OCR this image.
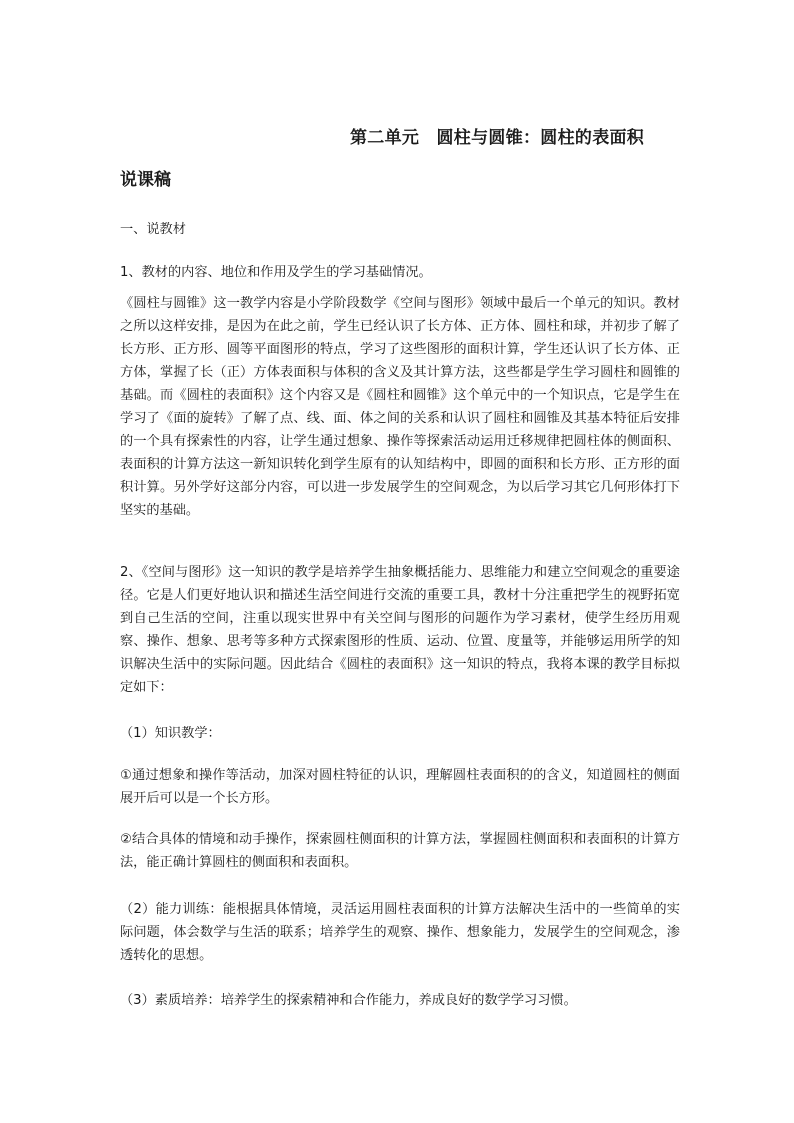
第二单元　圆柱与圆锥：圆柱的表面积
说课稿

一、说教材

1、教材的内容、地位和作用及学生的学习基础情况。

《圆柱与圆锥》这一教学内容是小学阶段数学《空间与图形》领域中最后一个单元的知识。教材之所以这样安排，是因为在此之前，学生已经认识了长方体、正方体、圆柱和球，并初步了解了长方形、正方形、圆等平面图形的特点，学习了这些图形的面积计算，学生还认识了长方体、正方体，掌握了长（正）方体表面积与体积的含义及其计算方法，这些都是学生学习圆柱和圆锥的基础。而《圆柱的表面积》这个内容又是《圆柱和圆锥》这个单元中的一个知识点，它是学生在学习了《面的旋转》了解了点、线、面、体之间的关系和认识了圆柱和圆锥及其基本特征后安排的一个具有探索性的内容，让学生通过想象、操作等探索活动运用迁移规律把圆柱体的侧面积、表面积的计算方法这一新知识转化到学生原有的认知结构中，即圆的面积和长方形、正方形的面积计算。另外学好这部分内容，可以进一步发展学生的空间观念，为以后学习其它几何形体打下坚实的基础。

2、《空间与图形》这一知识的教学是培养学生抽象概括能力、思维能力和建立空间观念的重要途径。它是人们更好地认识和描述生活空间进行交流的重要工具，教材十分注重把学生的视野拓宽到自己生活的空间，注重以现实世界中有关空间与图形的问题作为学习素材，使学生经历用观察、操作、想象、思考等多种方式探索图形的性质、运动、位置、度量等，并能够运用所学的知识解决生活中的实际问题。因此结合《圆柱的表面积》这一知识的特点，我将本课的教学目标拟定如下：

（1）知识教学：

①通过想象和操作等活动，加深对圆柱特征的认识，理解圆柱表面积的的含义，知道圆柱的侧面展开后可以是一个长方形。

②结合具体的情境和动手操作，探索圆柱侧面积的计算方法，掌握圆柱侧面积和表面积的计算方法，能正确计算圆柱的侧面积和表面积。

（2）能力训练：能根据具体情境，灵活运用圆柱表面积的计算方法解决生活中的一些简单的实际问题，体会数学与生活的联系；培养学生的观察、操作、想象能力，发展学生的空间观念，渗透转化的思想。

（3）素质培养：培养学生的探索精神和合作能力，养成良好的数学学习习惯。
